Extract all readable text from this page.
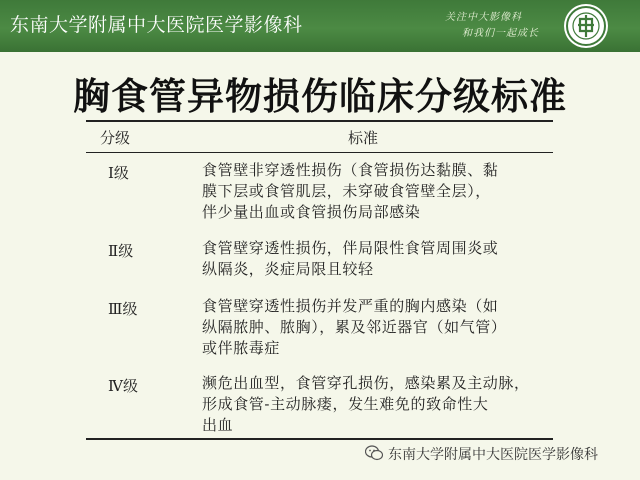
东南大学附属中大医院医学影像科	关注中大影像科
和我们一起成长
胸食管异物损伤临床分级标准
分级	标准
Ⅰ级	食管壁非穿透性损伤（食管损伤达黏膜、黏
膜下层或食管肌层，未穿破食管壁全层），
伴少量出血或食管损伤局部感染
Ⅱ级	食管壁穿透性损伤，伴局限性食管周围炎或
纵隔炎，炎症局限且较轻
Ⅲ级	食管壁穿透性损伤并发严重的胸内感染（如
纵隔脓肿、脓胸），累及邻近器官（如气管）
或伴脓毒症
Ⅳ级	濒危出血型，食管穿孔损伤，感染累及主动脉，
形成食管-主动脉瘘，发生难免的致命性大
出血
东南大学附属中大医院医学影像科
